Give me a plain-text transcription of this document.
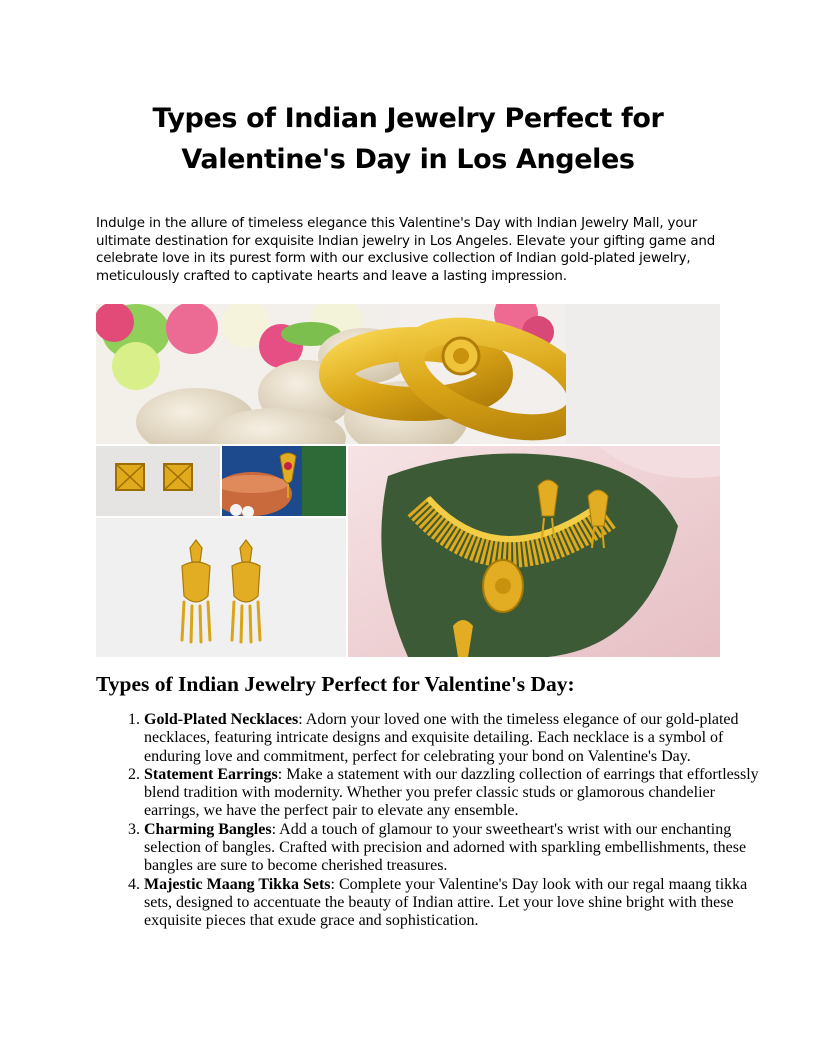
Types of Indian Jewelry Perfect for Valentine's Day in Los Angeles

Indulge in the allure of timeless elegance this Valentine's Day with Indian Jewelry Mall, your ultimate destination for exquisite Indian jewelry in Los Angeles. Elevate your gifting game and celebrate love in its purest form with our exclusive collection of Indian gold-plated jewelry, meticulously crafted to captivate hearts and leave a lasting impression.

Types of Indian Jewelry Perfect for Valentine's Day:
1. Gold-Plated Necklaces: Adorn your loved one with the timeless elegance of our gold-plated necklaces, featuring intricate designs and exquisite detailing. Each necklace is a symbol of enduring love and commitment, perfect for celebrating your bond on Valentine's Day.
2. Statement Earrings: Make a statement with our dazzling collection of earrings that effortlessly blend tradition with modernity. Whether you prefer classic studs or glamorous chandelier earrings, we have the perfect pair to elevate any ensemble.
3. Charming Bangles: Add a touch of glamour to your sweetheart's wrist with our enchanting selection of bangles. Crafted with precision and adorned with sparkling embellishments, these bangles are sure to become cherished treasures.
4. Majestic Maang Tikka Sets: Complete your Valentine's Day look with our regal maang tikka sets, designed to accentuate the beauty of Indian attire. Let your love shine bright with these exquisite pieces that exude grace and sophistication.
